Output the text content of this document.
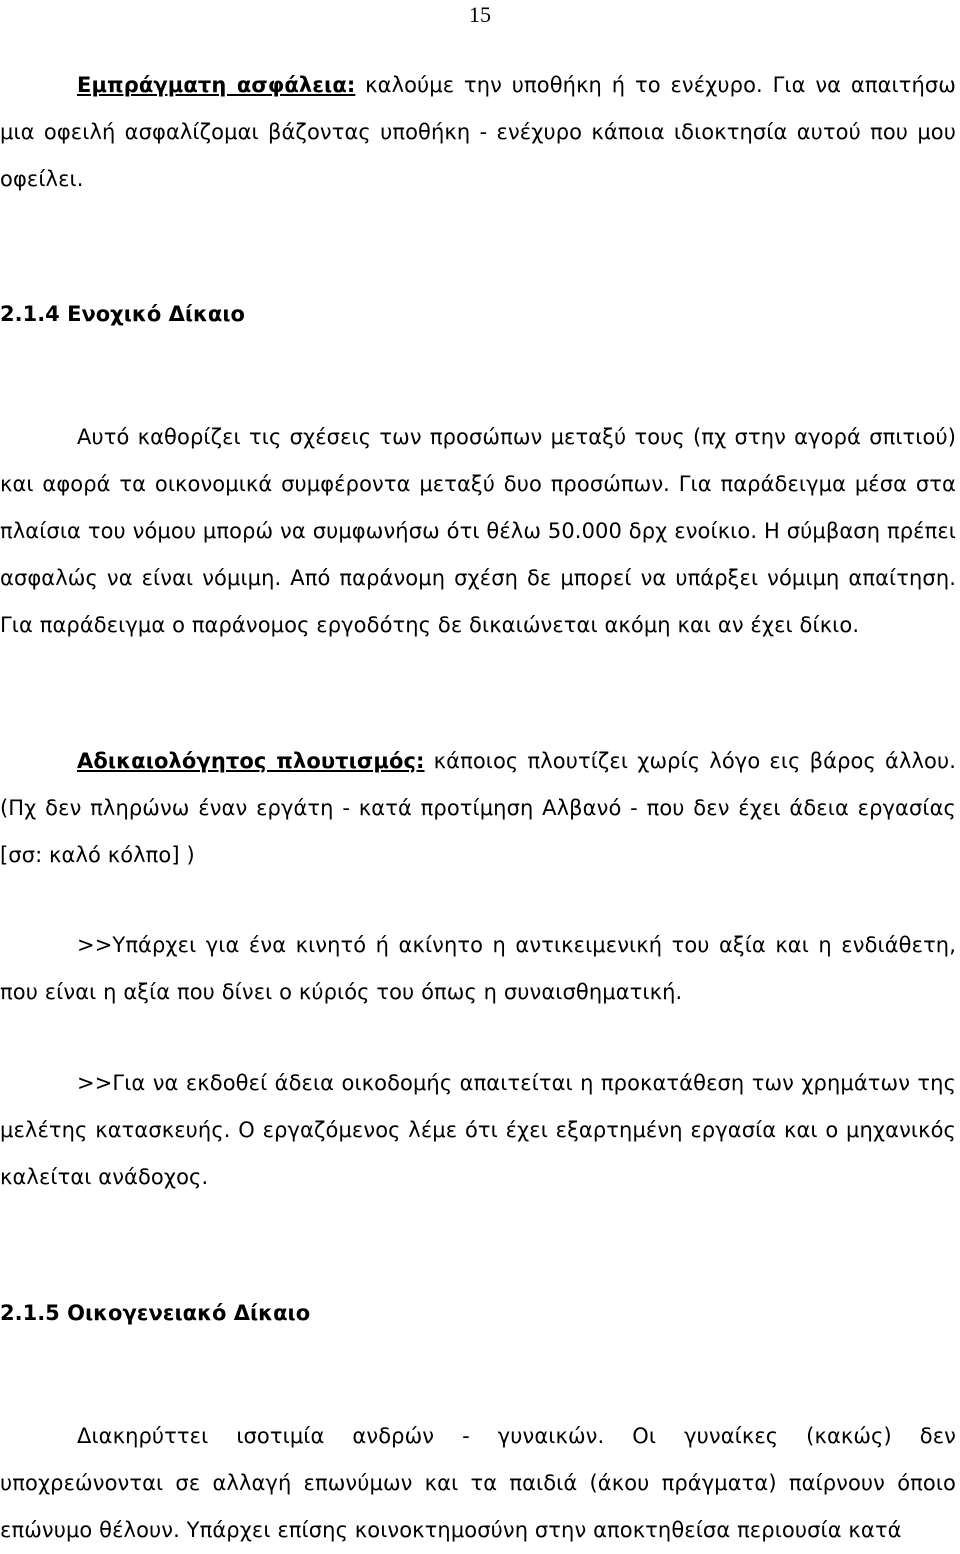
15
Εμπράγματη ασφάλεια: καλούμε την υποθήκη ή το ενέχυρο. Για να απαιτήσω μια οφειλή ασφαλίζομαι βάζοντας υποθήκη - ενέχυρο κάποια ιδιοκτησία αυτού που μου οφείλει.
2.1.4 Ενοχικό Δίκαιο
Αυτό καθορίζει τις σχέσεις των προσώπων μεταξύ τους (πχ στην αγορά σπιτιού) και αφορά τα οικονομικά συμφέροντα μεταξύ δυο προσώπων. Για παράδειγμα μέσα στα πλαίσια του νόμου μπορώ να συμφωνήσω ότι θέλω 50.000 δρχ ενοίκιο. Η σύμβαση πρέπει ασφαλώς να είναι νόμιμη. Από παράνομη σχέση δε μπορεί να υπάρξει νόμιμη απαίτηση. Για παράδειγμα ο παράνομος εργοδότης δε δικαιώνεται ακόμη και αν έχει δίκιο.
Αδικαιολόγητος πλουτισμός: κάποιος πλουτίζει χωρίς λόγο εις βάρος άλλου. (Πχ δεν πληρώνω έναν εργάτη - κατά προτίμηση Αλβανό - που δεν έχει άδεια εργασίας [σσ: καλό κόλπο] )
>>Υπάρχει για ένα κινητό ή ακίνητο η αντικειμενική του αξία και η ενδιάθετη, που είναι η αξία που δίνει ο κύριός του όπως η συναισθηματική.
>>Για να εκδοθεί άδεια οικοδομής απαιτείται η προκατάθεση των χρημάτων της μελέτης κατασκευής. Ο εργαζόμενος λέμε ότι έχει εξαρτημένη εργασία και ο μηχανικός καλείται ανάδοχος.
2.1.5 Οικογενειακό Δίκαιο
Διακηρύττει ισοτιμία ανδρών - γυναικών. Οι γυναίκες (κακώς) δεν υποχρεώνονται σε αλλαγή επωνύμων και τα παιδιά (άκου πράγματα) παίρνουν όποιο επώνυμο θέλουν. Υπάρχει επίσης κοινοκτημοσύνη στην αποκτηθείσα περιουσία κατά
